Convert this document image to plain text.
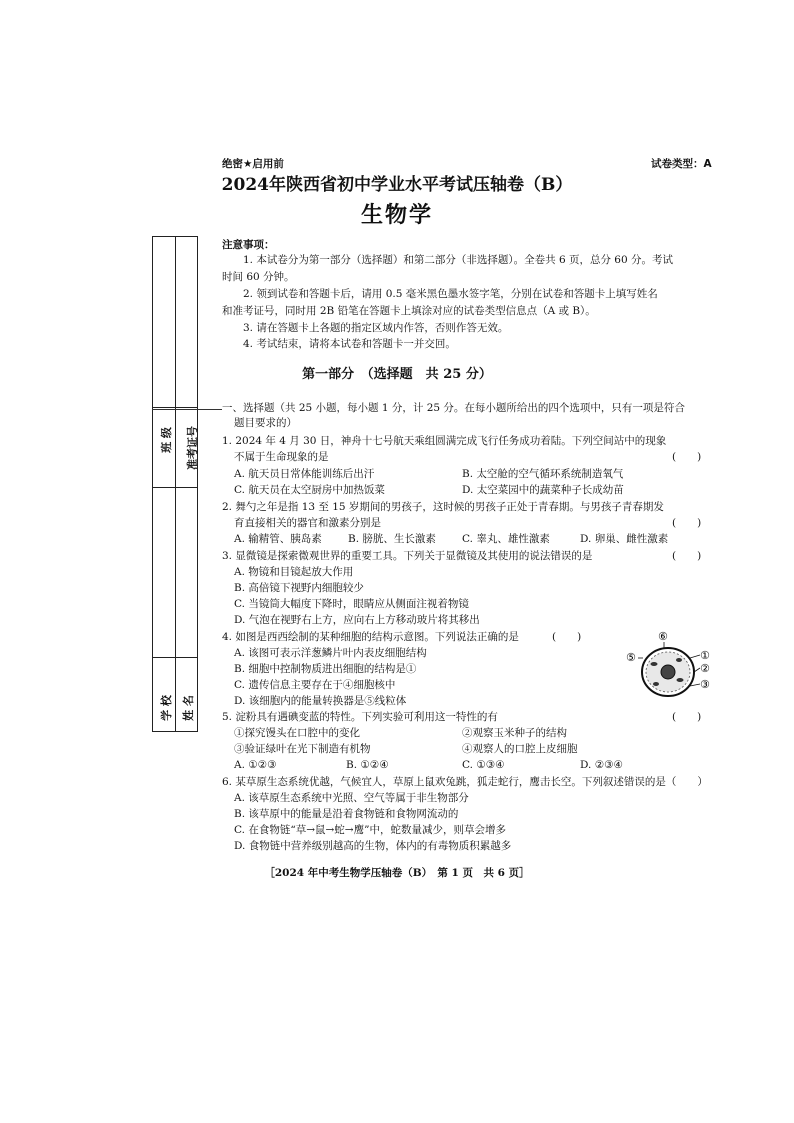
绝密★启用前	试卷类型：A
2024年陕西省初中学业水平考试压轴卷（B）
生物学
班 级 准考证号
学 校 姓 名
注意事项：
1. 本试卷分为第一部分（选择题）和第二部分（非选择题）。全卷共 6 页，总分 60 分。考试
时间 60 分钟。
2. 领到试卷和答题卡后，请用 0.5 毫米黑色墨水签字笔，分别在试卷和答题卡上填写姓名
和准考证号，同时用 2B 铅笔在答题卡上填涂对应的试卷类型信息点（A 或 B）。
3. 请在答题卡上各题的指定区域内作答，否则作答无效。
4. 考试结束，请将本试卷和答题卡一并交回。
第一部分　（选择题　共 25 分）
一、选择题（共 25 小题，每小题 1 分，计 25 分。在每小题所给出的四个选项中，只有一项是符合
题目要求的）
1. 2024 年 4 月 30 日，神舟十七号航天乘组圆满完成飞行任务成功着陆。下列空间站中的现象
不属于生命现象的是	(　　)
A. 航天员日常体能训练后出汗	B. 太空舱的空气循环系统制造氧气
C. 航天员在太空厨房中加热饭菜	D. 太空菜园中的蔬菜种子长成幼苗
2. 舞勺之年是指 13 至 15 岁期间的男孩子，这时候的男孩子正处于青春期。与男孩子青春期发
育直接相关的器官和激素分别是	(　　)
A. 输精管、胰岛素 B. 膀胱、生长激素 C. 睾丸、雄性激素	D. 卵巢、雌性激素
3. 显微镜是探索微观世界的重要工具。下列关于显微镜及其使用的说法错误的是	(　　)
A. 物镜和目镜起放大作用
B. 高倍镜下视野内细胞较少
C. 当镜筒大幅度下降时，眼睛应从侧面注视着物镜
D. 气泡在视野右上方，应向右上方移动玻片将其移出
4. 如图是西西绘制的某种细胞的结构示意图。下列说法正确的是	(　　)
A. 该图可表示洋葱鳞片叶内表皮细胞结构
B. 细胞中控制物质进出细胞的结构是①
C. 遗传信息主要存在于④细胞核中
D. 该细胞内的能量转换器是⑤线粒体
⑥
⑤	①
②
③
5. 淀粉具有遇碘变蓝的特性。下列实验可利用这一特性的有	(　　)
①探究馒头在口腔中的变化	②观察玉米种子的结构
③验证绿叶在光下制造有机物	④观察人的口腔上皮细胞
A. ①②③	B. ①②④	C. ①③④	D. ②③④
6. 某草原生态系统优越，气候宜人，草原上鼠欢兔跳，狐走蛇行，鹰击长空。下列叙述错误的是（　　）
A. 该草原生态系统中光照、空气等属于非生物部分
B. 该草原中的能量是沿着食物链和食物网流动的
C. 在食物链“草→鼠→蛇→鹰”中，蛇数量减少，则草会增多
D. 食物链中营养级别越高的生物，体内的有毒物质积累越多
［2024 年中考生物学压轴卷（B）　第 1 页　共 6 页］
